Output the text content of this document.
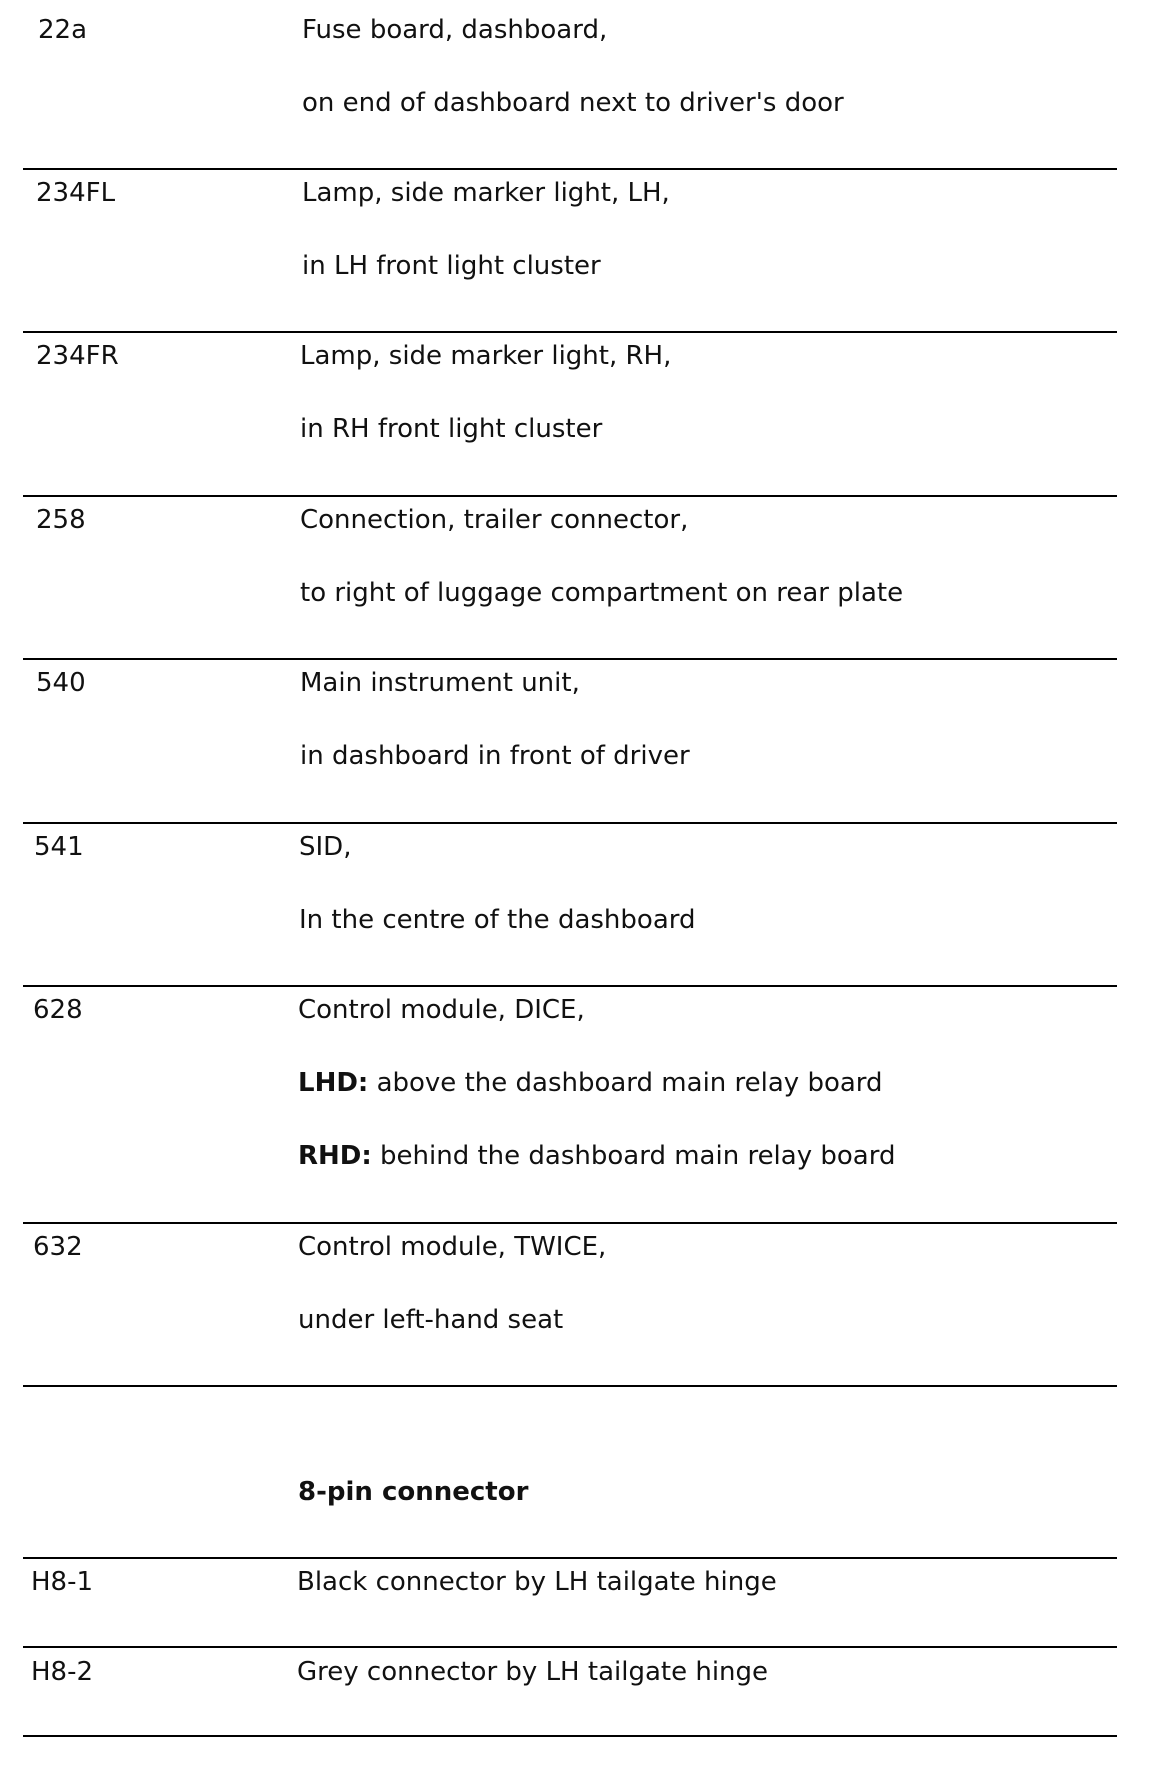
22a	Fuse board, dashboard,
on end of dashboard next to driver's door
234FL	Lamp, side marker light, LH,
in LH front light cluster
234FR	Lamp, side marker light, RH,
in RH front light cluster
258	Connection, trailer connector,
to right of luggage compartment on rear plate
540	Main instrument unit,
in dashboard in front of driver
541	SID,
In the centre of the dashboard
628	Control module, DICE,
LHD: above the dashboard main relay board
RHD: behind the dashboard main relay board
632	Control module, TWICE,
under left-hand seat
8-pin connector
H8-1	Black connector by LH tailgate hinge
H8-2	Grey connector by LH tailgate hinge
